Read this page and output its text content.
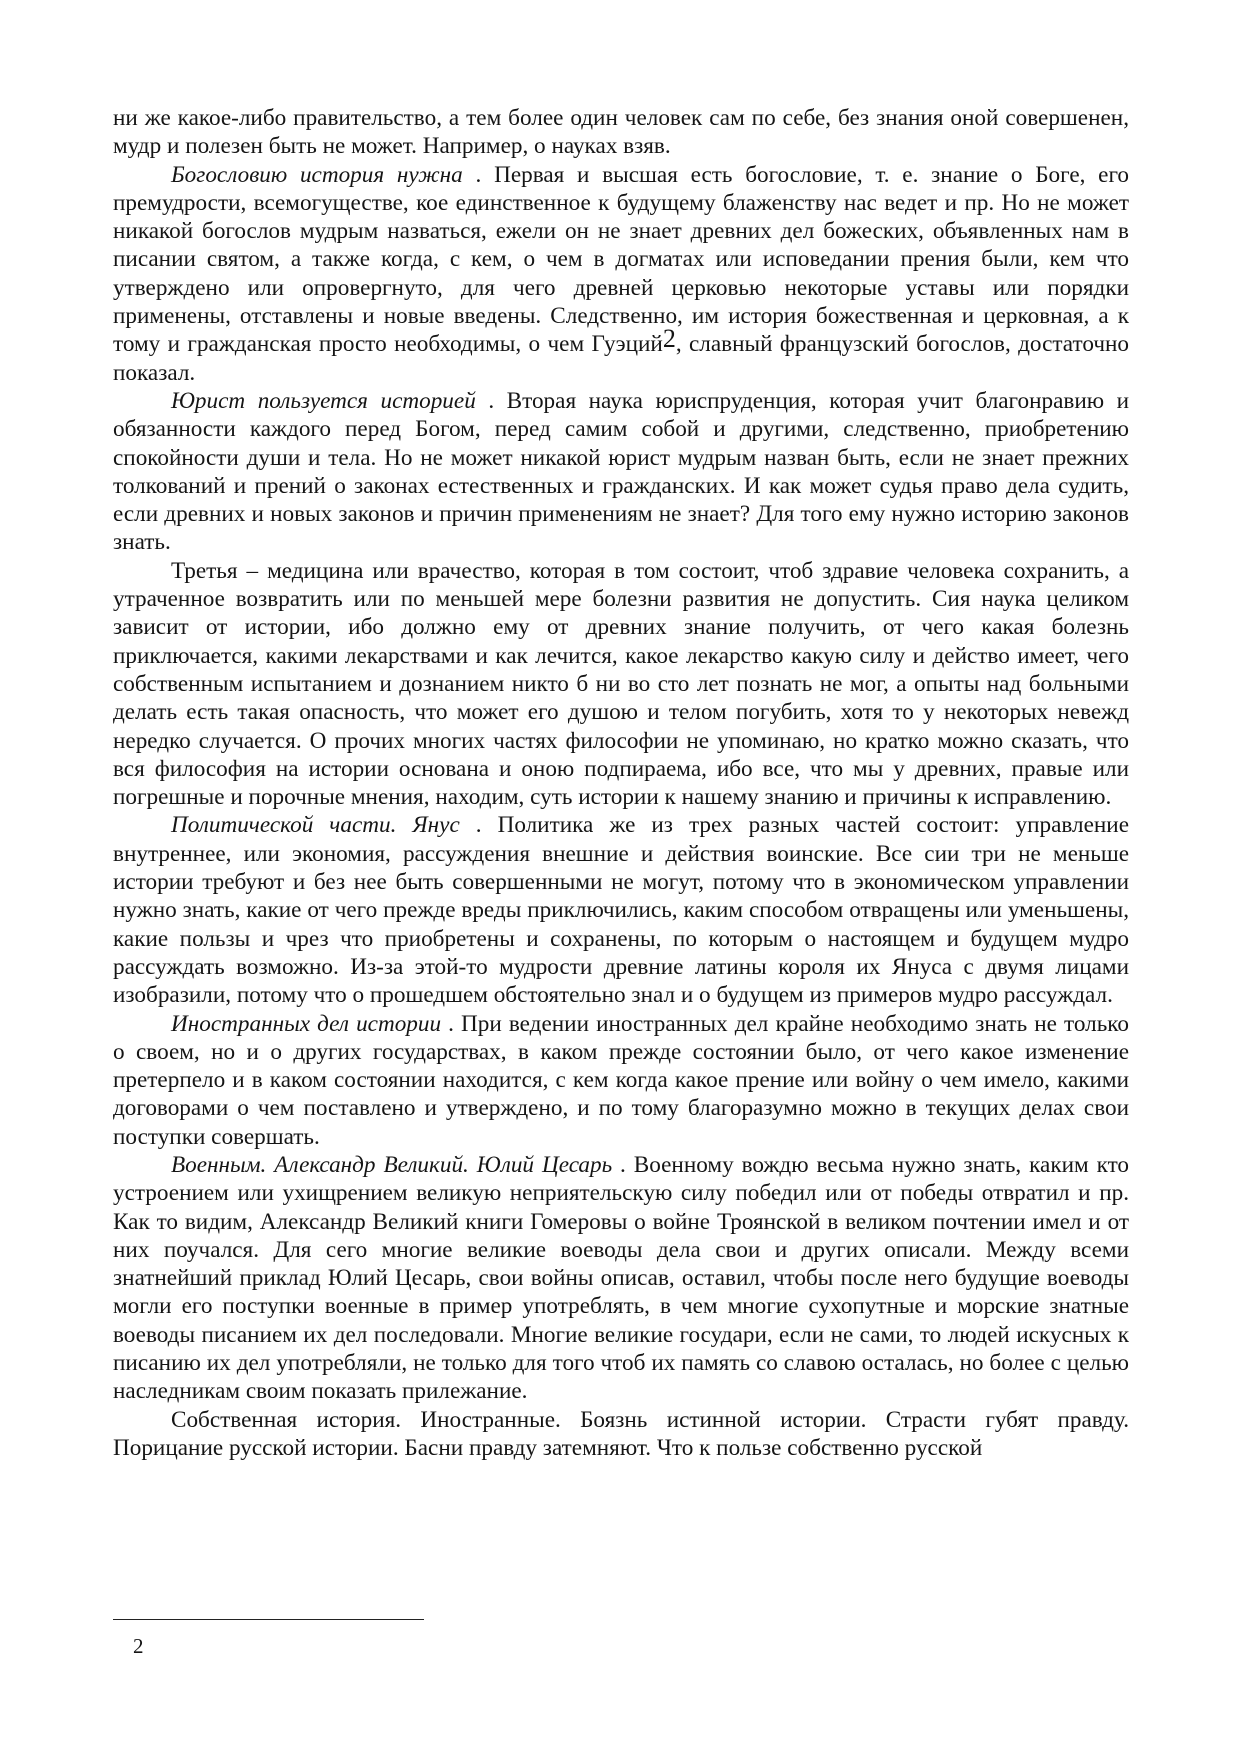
ни же какое-либо правительство, а тем более один человек сам по себе, без знания оной совершенен, мудр и полезен быть не может. Например, о науках взяв.

Богословию история нужна . Первая и высшая есть богословие, т. е. знание о Боге, его премудрости, всемогуществе, кое единственное к будущему блаженству нас ведет и пр. Но не может никакой богослов мудрым назваться, ежели он не знает древних дел божеских, объявленных нам в писании святом, а также когда, с кем, о чем в догматах или исповедании прения были, кем что утверждено или опровергнуто, для чего древней церковью некоторые уставы или порядки применены, отставлены и новые введены. Следственно, им история божественная и церковная, а к тому и гражданская просто необходимы, о чем Гуэций$^2$, славный французский богослов, достаточно показал.

Юрист пользуется историей . Вторая наука юриспруденция, которая учит благонравию и обязанности каждого перед Богом, перед самим собой и другими, следственно, приобретению спокойности души и тела. Но не может никакой юрист мудрым назван быть, если не знает прежних толкований и прений о законах естественных и гражданских. И как может судья право дела судить, если древних и новых законов и причин применениям не знает? Для того ему нужно историю законов знать.

Третья – медицина или врачество, которая в том состоит, чтоб здравие человека сохранить, а утраченное возвратить или по меньшей мере болезни развития не допустить. Сия наука целиком зависит от истории, ибо должно ему от древних знание получить, от чего какая болезнь приключается, какими лекарствами и как лечится, какое лекарство какую силу и действо имеет, чего собственным испытанием и дознанием никто б ни во сто лет познать не мог, а опыты над больными делать есть такая опасность, что может его душою и телом погубить, хотя то у некоторых невежд нередко случается. О прочих многих частях философии не упоминаю, но кратко можно сказать, что вся философия на истории основана и оною подпираема, ибо все, что мы у древних, правые или погрешные и порочные мнения, находим, суть истории к нашему знанию и причины к исправлению.

Политической части. Янус . Политика же из трех разных частей состоит: управление внутреннее, или экономия, рассуждения внешние и действия воинские. Все сии три не меньше истории требуют и без нее быть совершенными не могут, потому что в экономическом управлении нужно знать, какие от чего прежде вреды приключились, каким способом отвращены или уменьшены, какие пользы и чрез что приобретены и сохранены, по которым о настоящем и будущем мудро рассуждать возможно. Из-за этой-то мудрости древние латины короля их Януса с двумя лицами изобразили, потому что о прошедшем обстоятельно знал и о будущем из примеров мудро рассуждал.

Иностранных дел истории . При ведении иностранных дел крайне необходимо знать не только о своем, но и о других государствах, в каком прежде состоянии было, от чего какое изменение претерпело и в каком состоянии находится, с кем когда какое прение или войну о чем имело, какими договорами о чем поставлено и утверждено, и по тому благоразумно можно в текущих делах свои поступки совершать.

Военным. Александр Великий. Юлий Цесарь . Военному вождю весьма нужно знать, каким кто устроением или ухищрением великую неприятельскую силу победил или от победы отвратил и пр. Как то видим, Александр Великий книги Гомеровы о войне Троянской в великом почтении имел и от них поучался. Для сего многие великие воеводы дела свои и других описали. Между всеми знатнейший приклад Юлий Цесарь, свои войны описав, оставил, чтобы после него будущие воеводы могли его поступки военные в пример употреблять, в чем многие сухопутные и морские знатные воеводы писанием их дел последовали. Многие великие государи, если не сами, то людей искусных к писанию их дел употребляли, не только для того чтоб их память со славою осталась, но более с целью наследникам своим показать прилежание.

Собственная история. Иностранные. Боязнь истинной истории. Страсти губят правду. Порицание русской истории. Басни правду затемняют. Что к пользе собственно русской

2
